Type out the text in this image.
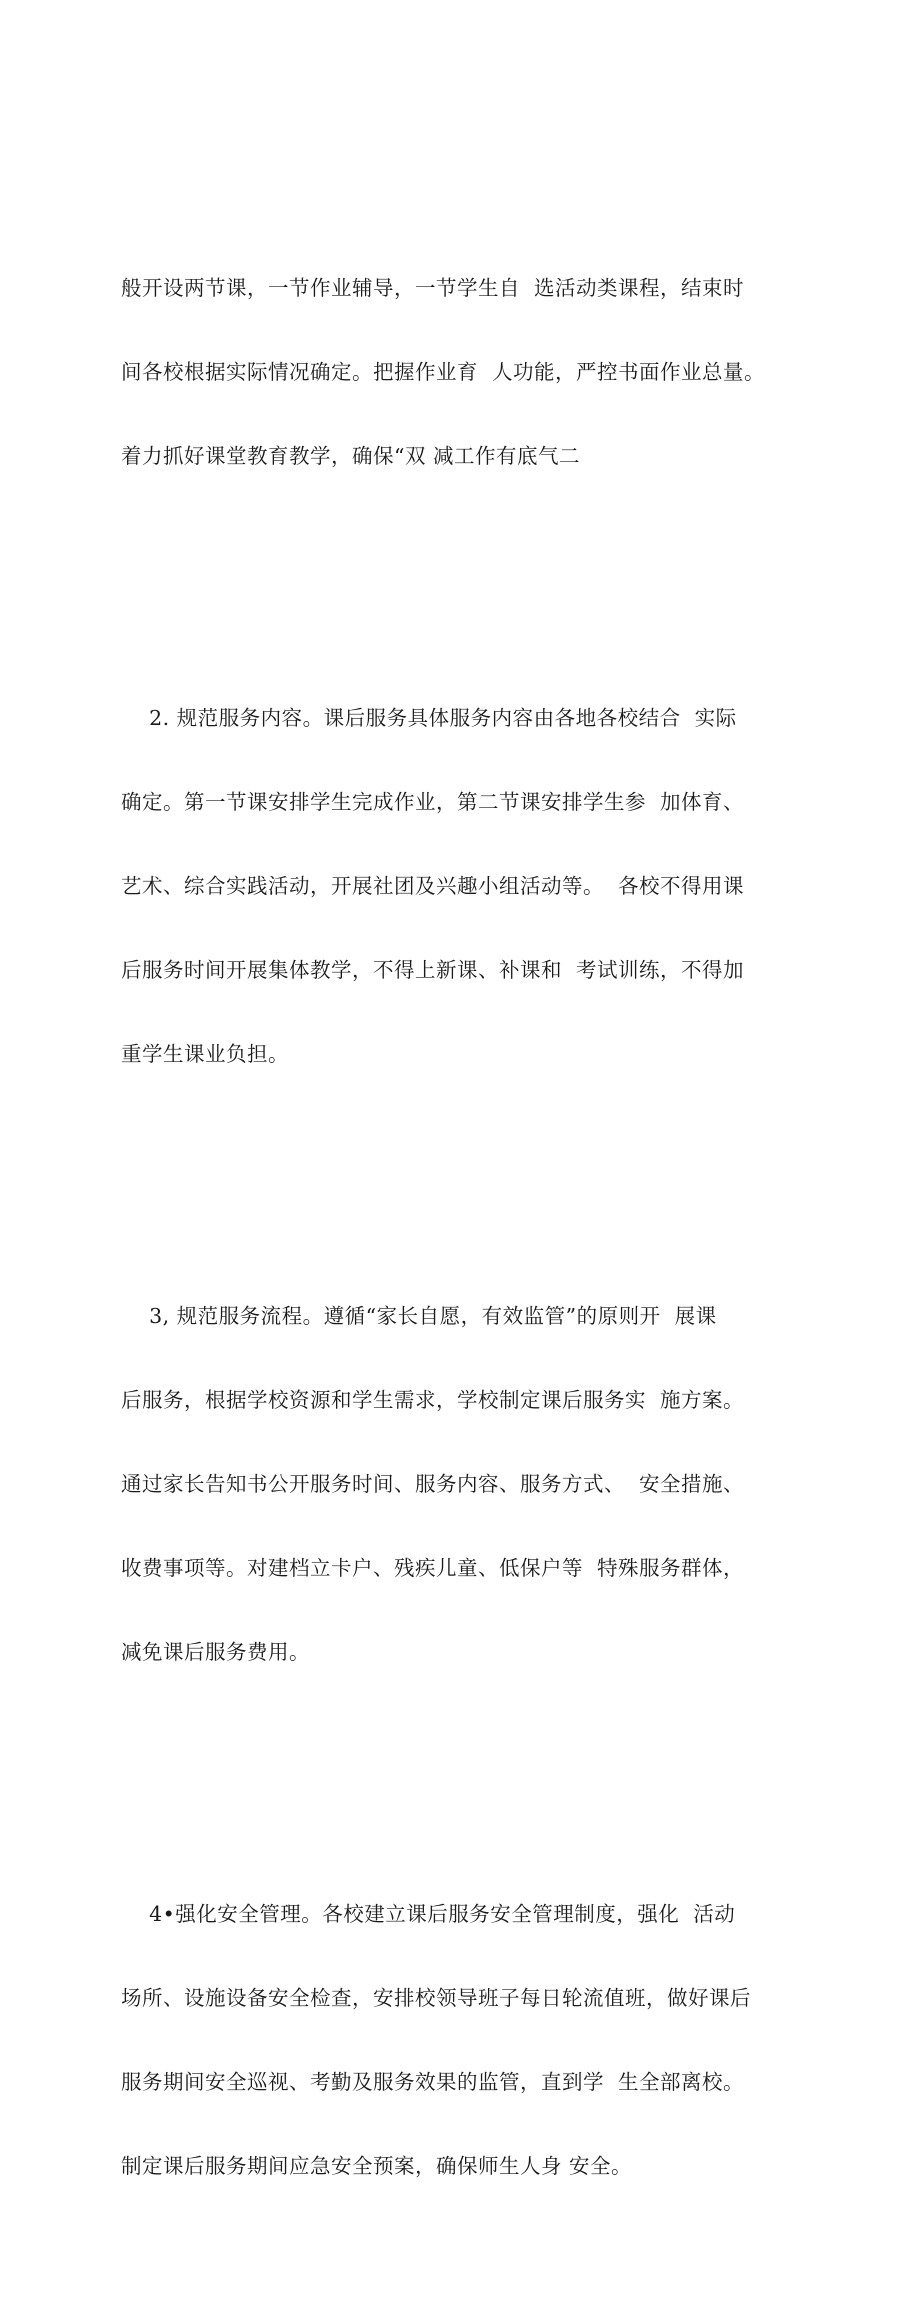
般开设两节课，一节作业辅导，一节学生自  选活动类课程，结束时

间各校根据实际情况确定。把握作业育  人功能，严控书面作业总量。

着力抓好课堂教育教学，确保“双 减工作有底气二

2. 规范服务内容。课后服务具体服务内容由各地各校结合  实际

确定。第一节课安排学生完成作业，第二节课安排学生参  加体育、

艺术、综合实践活动，开展社团及兴趣小组活动等。  各校不得用课

后服务时间开展集体教学，不得上新课、补课和  考试训练，不得加

重学生课业负担。

3, 规范服务流程。遵循“家长自愿，有效监管”的原则开  展课

后服务，根据学校资源和学生需求，学校制定课后服务实  施方案。

通过家长告知书公开服务时间、服务内容、服务方式、  安全措施、

收费事项等。对建档立卡户、残疾儿童、低保户等  特殊服务群体，

减免课后服务费用。

4•强化安全管理。各校建立课后服务安全管理制度，强化  活动

场所、设施设备安全检查，安排校领导班子每日轮流值班，做好课后

服务期间安全巡视、考勤及服务效果的监管，直到学  生全部离校。

制定课后服务期间应急安全预案，确保师生人身 安全。
